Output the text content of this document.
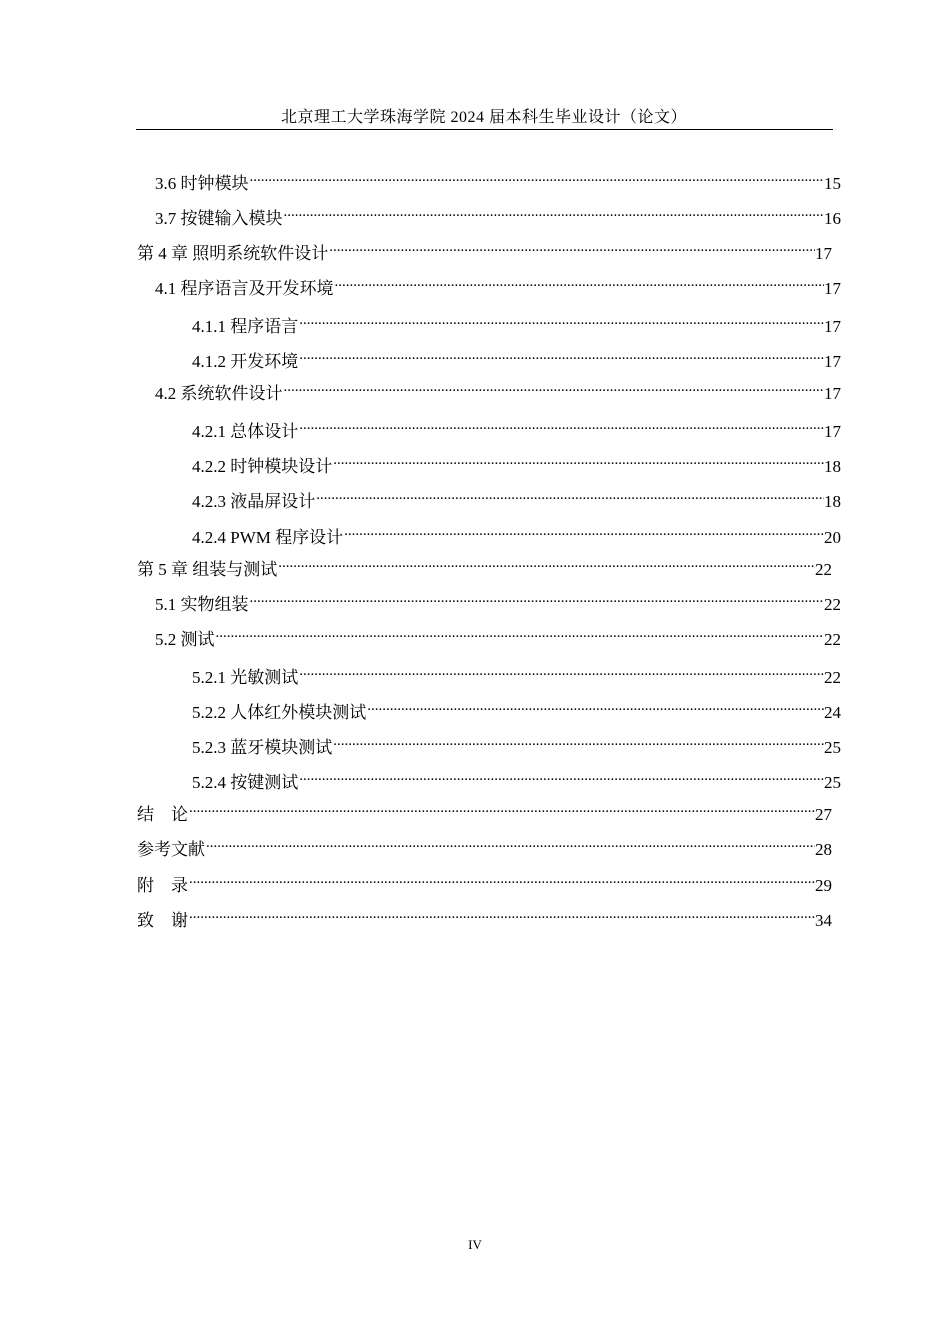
北京理工大学珠海学院 2024 届本科生毕业设计（论文）
3.6 时钟模块 .....	15
3.7 按键输入模块 .....	16
第 4 章 照明系统软件设计 .....	17
4.1 程序语言及开发环境 .....	17
4.1.1 程序语言 .....	17
4.1.2 开发环境 .....	17
4.2 系统软件设计 .....	17
4.2.1 总体设计 .....	17
4.2.2 时钟模块设计 .....	18
4.2.3 液晶屏设计 .....	18
4.2.4 PWM 程序设计 .....	20
第 5 章 组装与测试 .....	22
5.1 实物组装 .....	22
5.2 测试 .....	22
5.2.1 光敏测试 .....	22
5.2.2 人体红外模块测试 .....	24
5.2.3 蓝牙模块测试 .....	25
5.2.4 按键测试 .....	25
结    论 .....	27
参考文献 .....	28
附    录 .....	29
致    谢 .....	34
IV
